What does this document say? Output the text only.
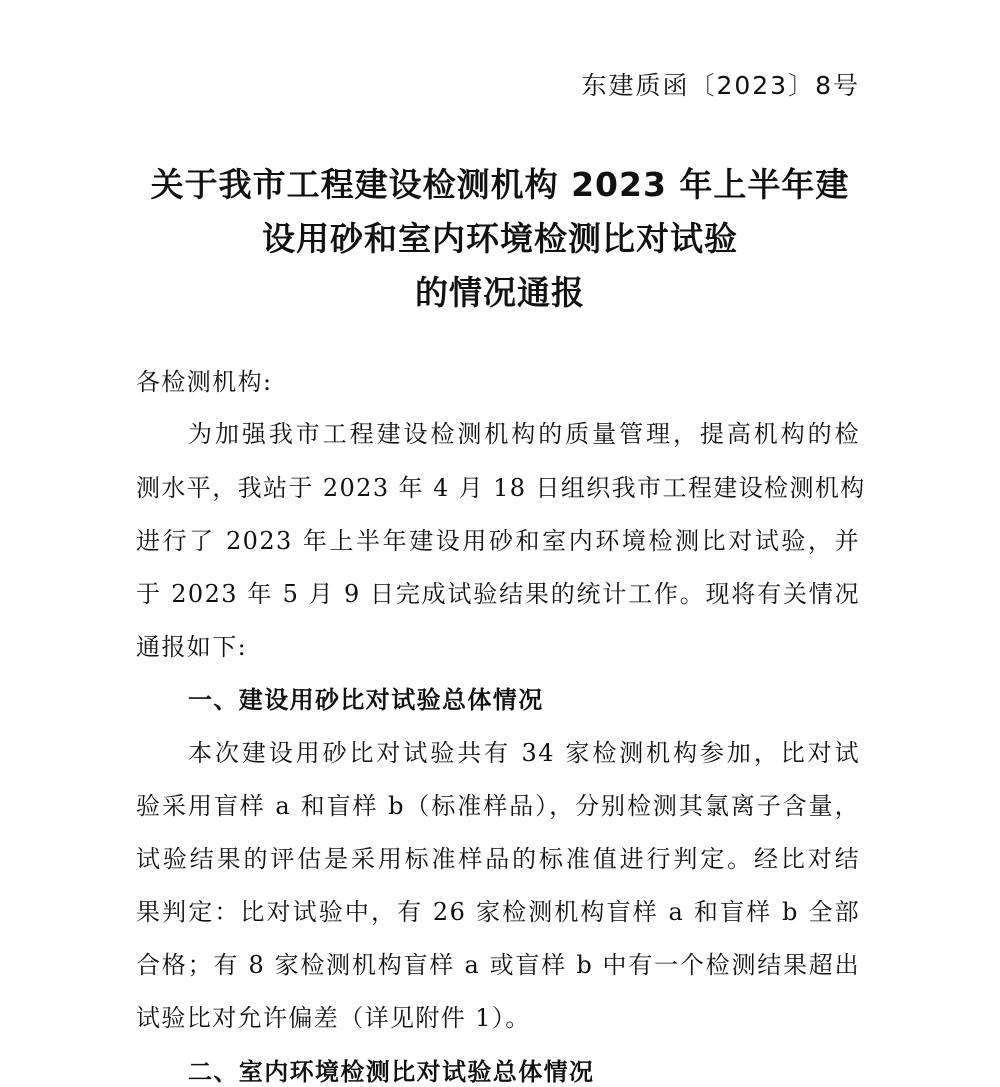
东建质函〔2023〕8号
关于我市工程建设检测机构 2023 年上半年建
设用砂和室内环境检测比对试验
的情况通报
各检测机构:
为加强我市工程建设检测机构的质量管理，提高机构的检
测水平，我站于 2023 年 4 月 18 日组织我市工程建设检测机构
进行了 2023 年上半年建设用砂和室内环境检测比对试验，并
于 2023 年 5 月 9 日完成试验结果的统计工作。现将有关情况
通报如下:
一、建设用砂比对试验总体情况
本次建设用砂比对试验共有 34 家检测机构参加，比对试
验采用盲样 a 和盲样 b（标准样品），分别检测其氯离子含量，
试验结果的评估是采用标准样品的标准值进行判定。经比对结
果判定：比对试验中，有 26 家检测机构盲样 a 和盲样 b 全部
合格；有 8 家检测机构盲样 a 或盲样 b 中有一个检测结果超出
试验比对允许偏差（详见附件 1）。
二、室内环境检测比对试验总体情况
